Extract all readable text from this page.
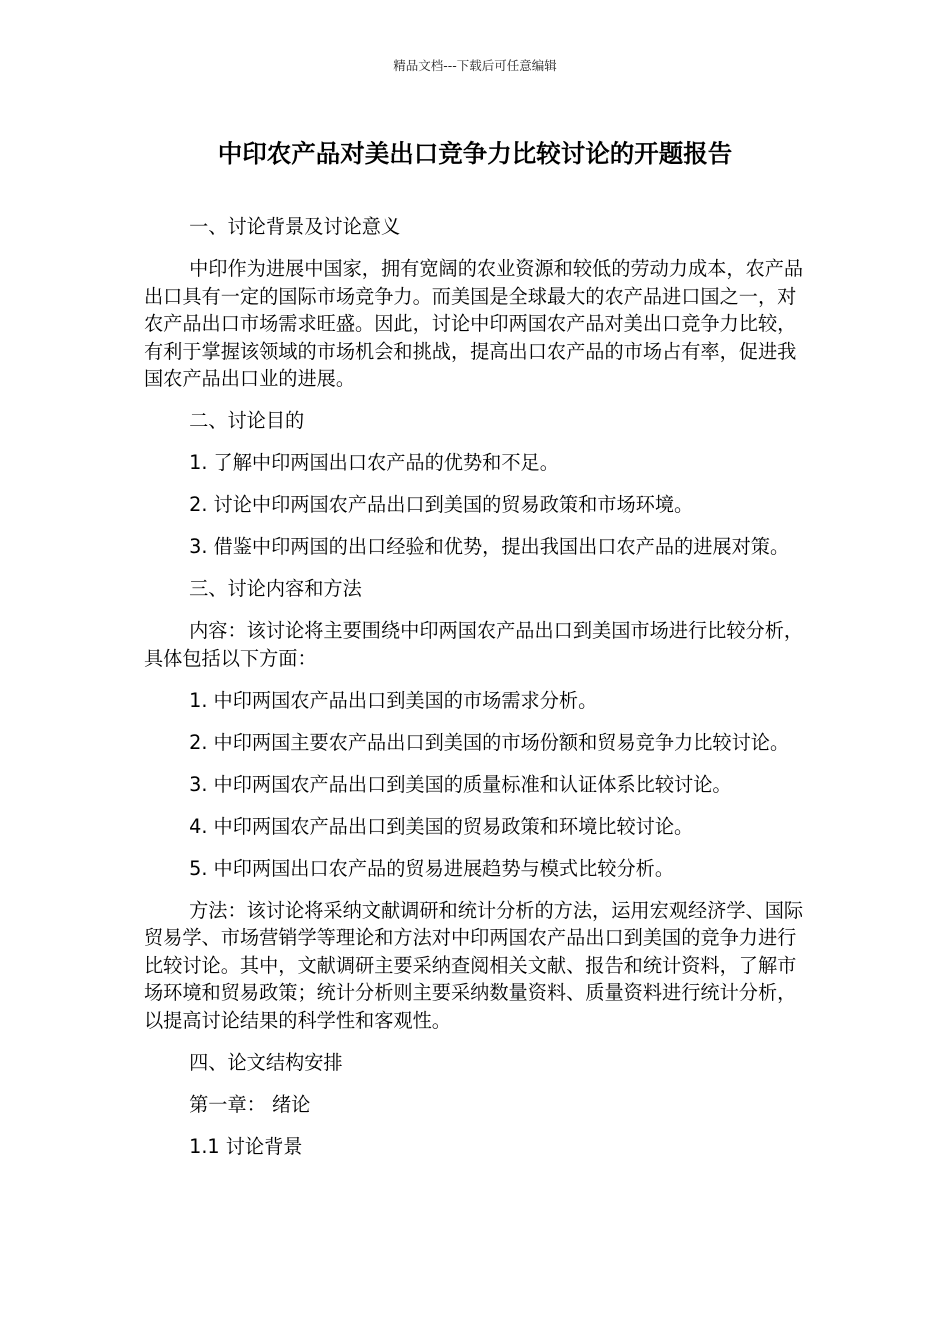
精品文档---下载后可任意编辑
中印农产品对美出口竞争力比较讨论的开题报告

一、讨论背景及讨论意义

中印作为进展中国家，拥有宽阔的农业资源和较低的劳动力成本，农产品出口具有一定的国际市场竞争力。而美国是全球最大的农产品进口国之一，对农产品出口市场需求旺盛。因此，讨论中印两国农产品对美出口竞争力比较，有利于掌握该领域的市场机会和挑战，提高出口农产品的市场占有率，促进我国农产品出口业的进展。

二、讨论目的

1. 了解中印两国出口农产品的优势和不足。

2. 讨论中印两国农产品出口到美国的贸易政策和市场环境。

3. 借鉴中印两国的出口经验和优势，提出我国出口农产品的进展对策。

三、讨论内容和方法

内容：该讨论将主要围绕中印两国农产品出口到美国市场进行比较分析，具体包括以下方面：

1. 中印两国农产品出口到美国的市场需求分析。

2. 中印两国主要农产品出口到美国的市场份额和贸易竞争力比较讨论。

3. 中印两国农产品出口到美国的质量标准和认证体系比较讨论。

4. 中印两国农产品出口到美国的贸易政策和环境比较讨论。

5. 中印两国出口农产品的贸易进展趋势与模式比较分析。

方法：该讨论将采纳文献调研和统计分析的方法，运用宏观经济学、国际贸易学、市场营销学等理论和方法对中印两国农产品出口到美国的竞争力进行比较讨论。其中，文献调研主要采纳查阅相关文献、报告和统计资料，了解市场环境和贸易政策；统计分析则主要采纳数量资料、质量资料进行统计分析，以提高讨论结果的科学性和客观性。

四、论文结构安排

第一章： 绪论

1.1 讨论背景
